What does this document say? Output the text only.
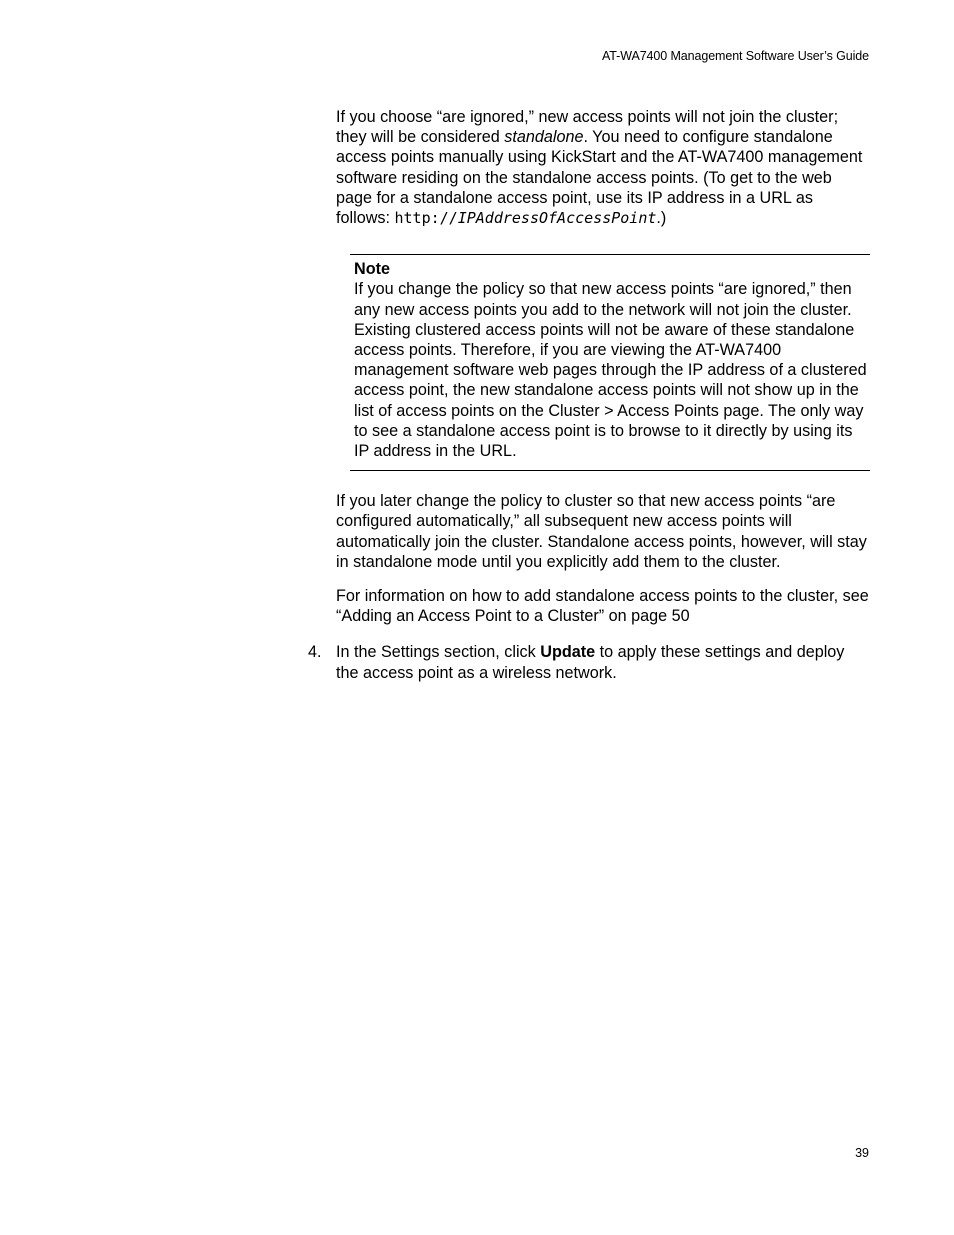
AT-WA7400 Management Software User’s Guide

If you choose “are ignored,” new access points will not join the cluster; they will be considered standalone. You need to configure standalone access points manually using KickStart and the AT-WA7400 management software residing on the standalone access points. (To get to the web page for a standalone access point, use its IP address in a URL as follows: http://IPAddressOfAccessPoint.)

Note
If you change the policy so that new access points “are ignored,” then any new access points you add to the network will not join the cluster. Existing clustered access points will not be aware of these standalone access points. Therefore, if you are viewing the AT-WA7400 management software web pages through the IP address of a clustered access point, the new standalone access points will not show up in the list of access points on the Cluster > Access Points page. The only way to see a standalone access point is to browse to it directly by using its IP address in the URL.

If you later change the policy to cluster so that new access points “are configured automatically,” all subsequent new access points will automatically join the cluster. Standalone access points, however, will stay in standalone mode until you explicitly add them to the cluster.

For information on how to add standalone access points to the cluster, see “Adding an Access Point to a Cluster” on page 50

4. In the Settings section, click Update to apply these settings and deploy the access point as a wireless network.

39
